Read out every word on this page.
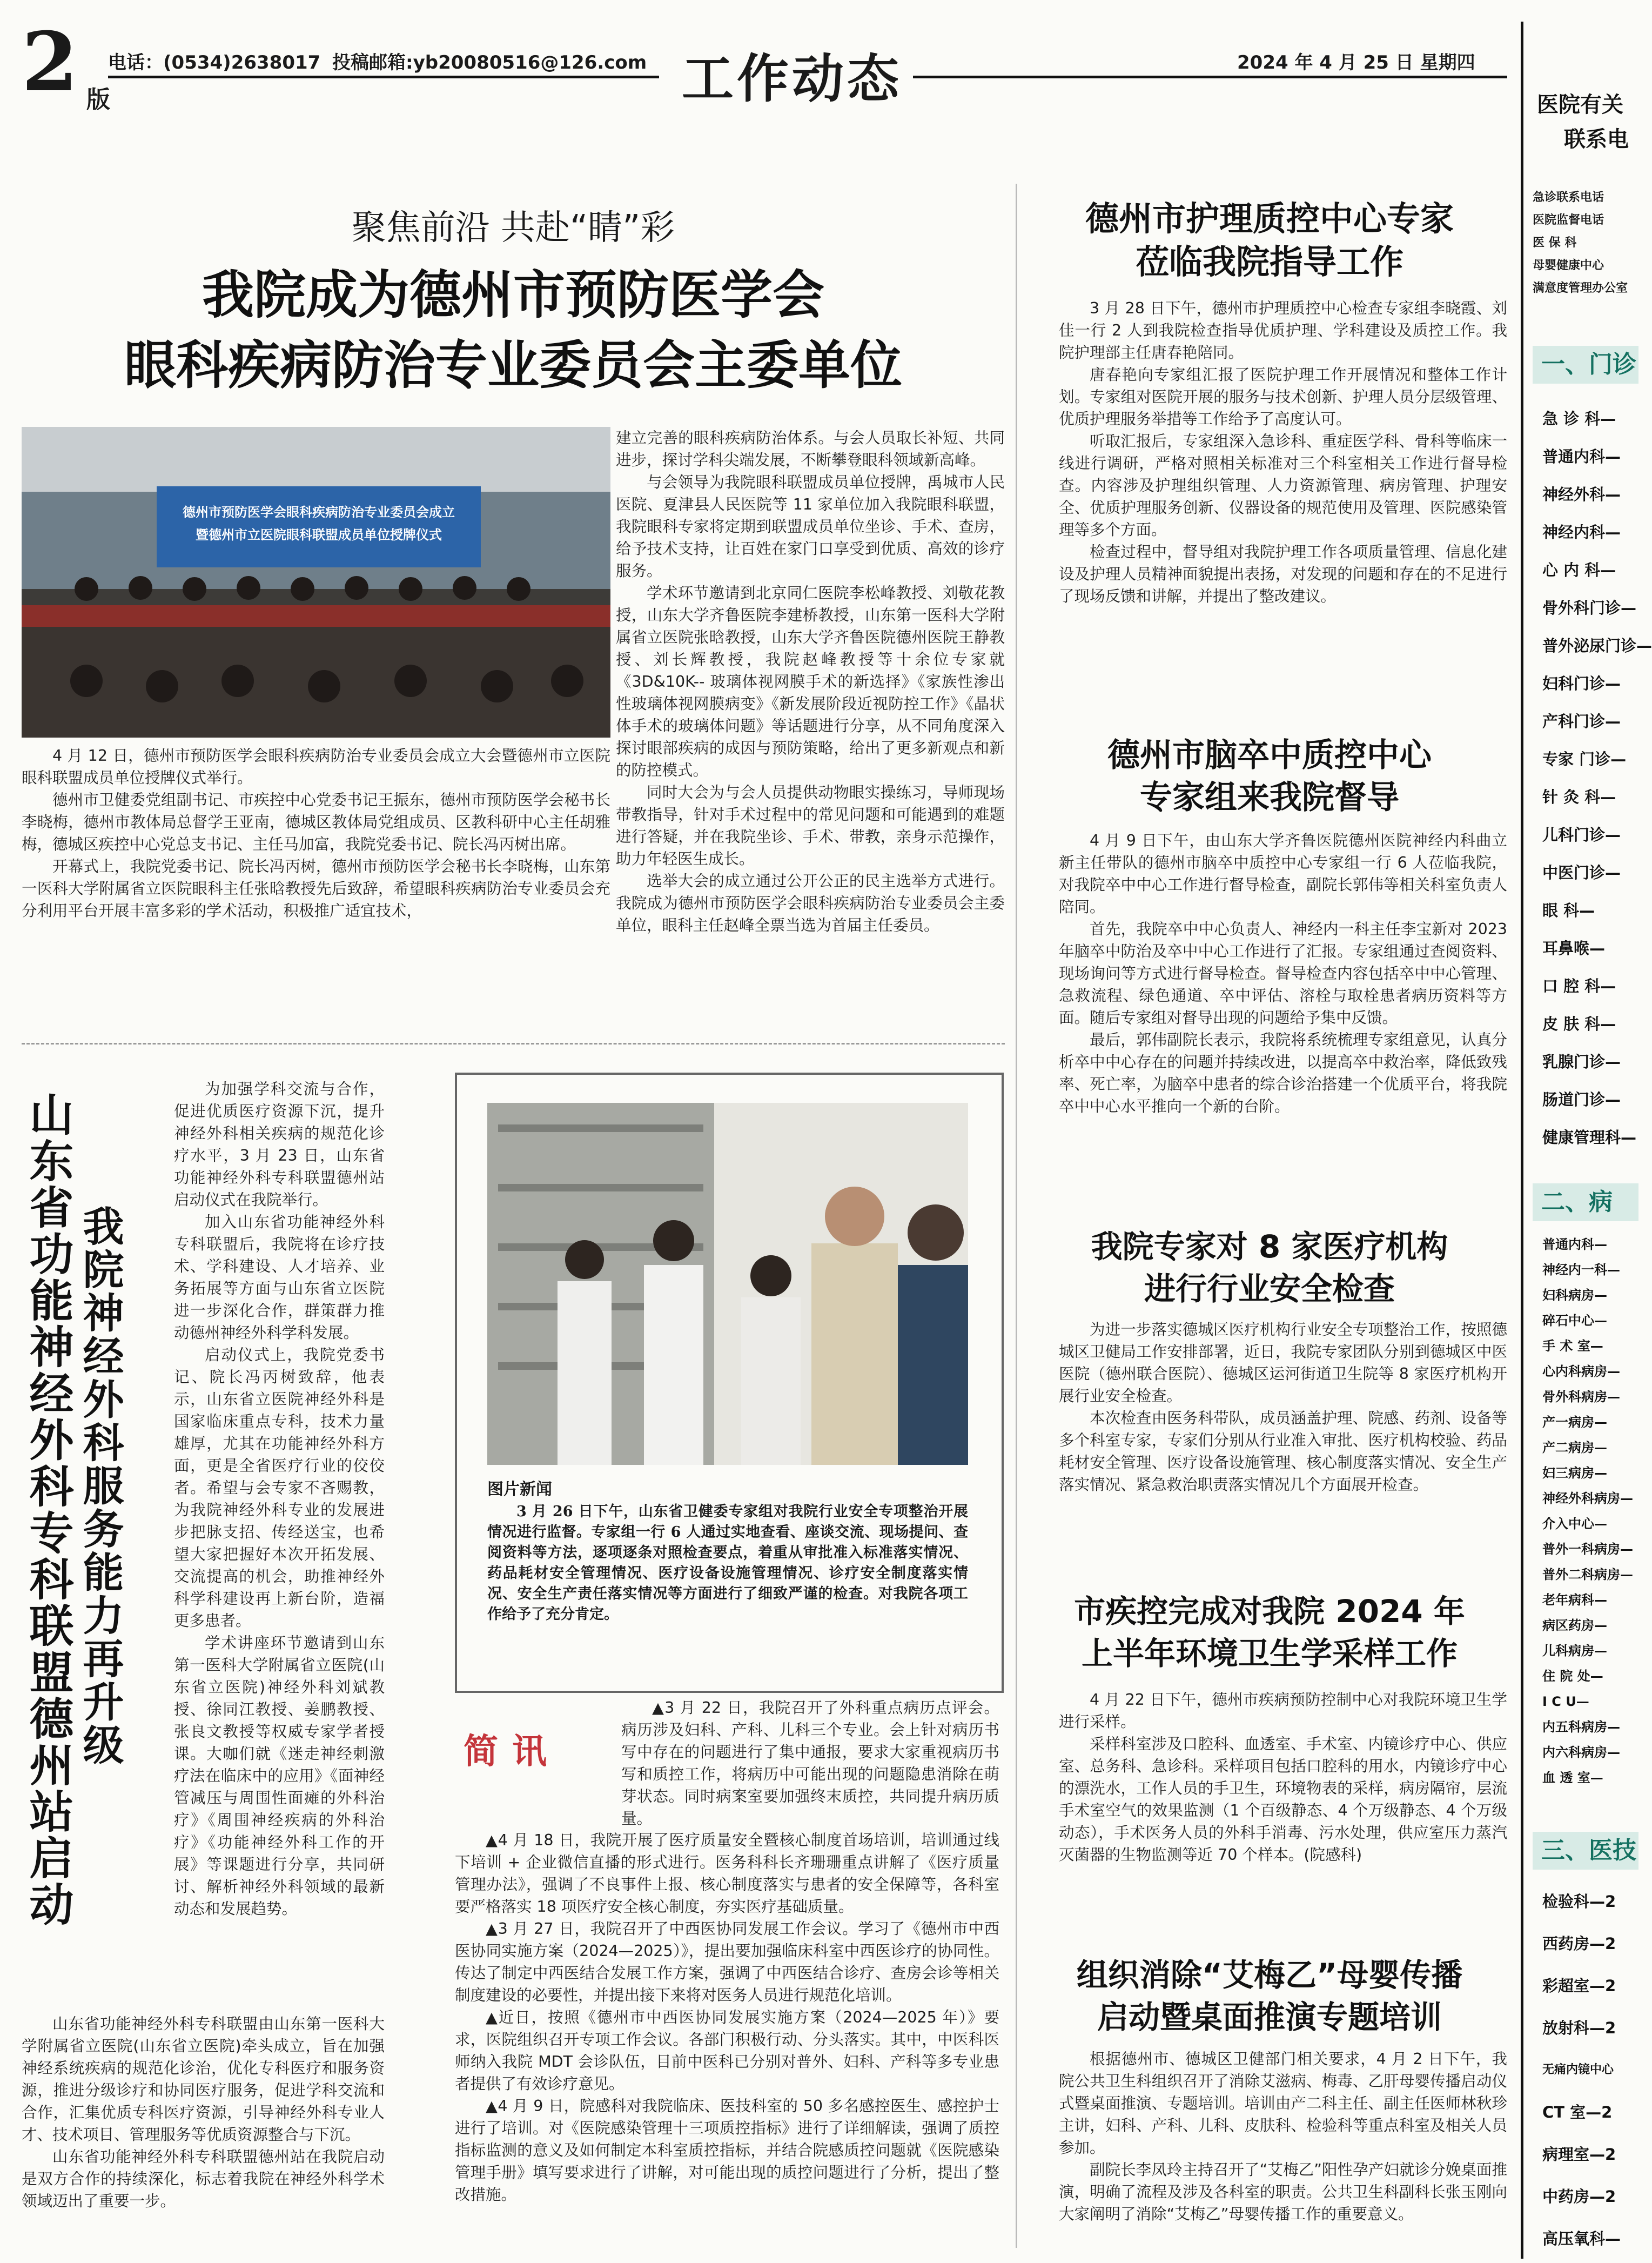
2 版
电话：(0534)2638017 投稿邮箱:yb20080516@126.com 工作动态	2024 年 4 月 25 日 星期四
聚焦前沿 共赴“睛”彩
我院成为德州市预防医学会
眼科疾病防治专业委员会主委单位
德州市预防医学会眼科疾病防治专业委员会成立
暨德州市立医院眼科联盟成员单位授牌仪式

4 月 12 日，德州市预防医学会眼科疾病防治专业委员会成立大会暨德州市立医院眼科联盟成员单位授牌仪式举行。

德州市卫健委党组副书记、市疾控中心党委书记王振东，德州市预防医学会秘书长李晓梅，德州市教体局总督学王亚南，德城区教体局党组成员、区教科研中心主任胡雅梅，德城区疾控中心党总支书记、主任马加富，我院党委书记、院长冯丙树出席。

开幕式上，我院党委书记、院长冯丙树，德州市预防医学会秘书长李晓梅，山东第一医科大学附属省立医院眼科主任张晗教授先后致辞，希望眼科疾病防治专业委员会充分利用平台开展丰富多彩的学术活动，积极推广适宜技术，

建立完善的眼科疾病防治体系。与会人员取长补短、共同进步，探讨学科尖端发展，不断攀登眼科领域新高峰。

与会领导为我院眼科联盟成员单位授牌，禹城市人民医院、夏津县人民医院等 11 家单位加入我院眼科联盟，我院眼科专家将定期到联盟成员单位坐诊、手术、查房，给予技术支持，让百姓在家门口享受到优质、高效的诊疗服务。

学术环节邀请到北京同仁医院李松峰教授、刘敬花教授，山东大学齐鲁医院李建桥教授，山东第一医科大学附属省立医院张晗教授，山东大学齐鲁医院德州医院王静教授、刘长辉教授，我院赵峰教授等十余位专家就《3D&10K-- 玻璃体视网膜手术的新选择》《家族性渗出性玻璃体视网膜病变》《新发展阶段近视防控工作》《晶状体手术的玻璃体问题》等话题进行分享，从不同角度深入探讨眼部疾病的成因与预防策略，给出了更多新观点和新的防控模式。

同时大会为与会人员提供动物眼实操练习，导师现场带教指导，针对手术过程中的常见问题和可能遇到的难题进行答疑，并在我院坐诊、手术、带教，亲身示范操作，助力年轻医生成长。

选举大会的成立通过公开公正的民主选举方式进行。我院成为德州市预防医学会眼科疾病防治专业委员会主委单位，眼科主任赵峰全票当选为首届主任委员。

山东省功能神经外科专科联盟德州站启动 我院神经外科服务能力再升级

为加强学科交流与合作，促进优质医疗资源下沉，提升神经外科相关疾病的规范化诊疗水平，3 月 23 日，山东省功能神经外科专科联盟德州站启动仪式在我院举行。

加入山东省功能神经外科专科联盟后，我院将在诊疗技术、学科建设、人才培养、业务拓展等方面与山东省立医院进一步深化合作，群策群力推动德州神经外科学科发展。

启动仪式上，我院党委书记、院长冯丙树致辞，他表示，山东省立医院神经外科是国家临床重点专科，技术力量雄厚，尤其在功能神经外科方面，更是全省医疗行业的佼佼者。希望与会专家不吝赐教，为我院神经外科专业的发展进步把脉支招、传经送宝，也希望大家把握好本次开拓发展、交流提高的机会，助推神经外科学科建设再上新台阶，造福更多患者。

学术讲座环节邀请到山东第一医科大学附属省立医院(山东省立医院)神经外科刘斌教授、徐同江教授、姜鹏教授、张良文教授等权威专家学者授课。大咖们就《迷走神经刺激疗法在临床中的应用》《面神经管减压与周围性面瘫的外科治疗》《周围神经疾病的外科治疗》《功能神经外科工作的开展》等课题进行分享，共同研讨、解析神经外科领域的最新动态和发展趋势。

山东省功能神经外科专科联盟由山东第一医科大学附属省立医院(山东省立医院)牵头成立，旨在加强神经系统疾病的规范化诊治，优化专科医疗和服务资源，推进分级诊疗和协同医疗服务，促进学科交流和合作，汇集优质专科医疗资源，引导神经外科专业人才、技术项目、管理服务等优质资源整合与下沉。

山东省功能神经外科专科联盟德州站在我院启动是双方合作的持续深化，标志着我院在神经外科学术领域迈出了重要一步。

图片新闻
3 月 26 日下午，山东省卫健委专家组对我院行业安全专项整治开展情况进行监督。专家组一行 6 人通过实地查看、座谈交流、现场提问、查阅资料等方法，逐项逐条对照检查要点，着重从审批准入标准落实情况、药品耗材安全管理情况、医疗设备设施管理情况、诊疗安全制度落实情况、安全生产责任落实情况等方面进行了细致严谨的检查。对我院各项工作给予了充分肯定。
简讯
▲3 月 22 日，我院召开了外科重点病历点评会。病历涉及妇科、产科、儿科三个专业。会上针对病历书写中存在的问题进行了集中通报，要求大家重视病历书写和质控工作，将病历中可能出现的问题隐患消除在萌芽状态。同时病案室要加强终末质控，共同提升病历质量。

▲4 月 18 日，我院开展了医疗质量安全暨核心制度首场培训，培训通过线下培训 + 企业微信直播的形式进行。医务科科长齐珊珊重点讲解了《医疗质量管理办法》，强调了不良事件上报、核心制度落实与患者的安全保障等，各科室要严格落实 18 项医疗安全核心制度，夯实医疗基础质量。

▲3 月 27 日，我院召开了中西医协同发展工作会议。学习了《德州市中西医协同实施方案（2024—2025）》，提出要加强临床科室中西医诊疗的协同性。传达了制定中西医结合发展工作方案，强调了中西医结合诊疗、查房会诊等相关制度建设的必要性，并提出接下来将对医务人员进行规范化培训。

▲近日，按照《德州市中西医协同发展实施方案（2024—2025 年）》要求，医院组织召开专项工作会议。各部门积极行动、分头落实。其中，中医科医师纳入我院 MDT 会诊队伍，目前中医科已分别对普外、妇科、产科等多专业患者提供了有效诊疗意见。

▲4 月 9 日，院感科对我院临床、医技科室的 50 多名感控医生、感控护士进行了培训。对《医院感染管理十三项质控指标》进行了详细解读，强调了质控指标监测的意义及如何制定本科室质控指标，并结合院感质控问题就《医院感染管理手册》填写要求进行了讲解，对可能出现的质控问题进行了分析，提出了整改措施。

德州市护理质控中心专家
莅临我院指导工作

3 月 28 日下午，德州市护理质控中心检查专家组李晓霞、刘佳一行 2 人到我院检查指导优质护理、学科建设及质控工作。我院护理部主任唐春艳陪同。

唐春艳向专家组汇报了医院护理工作开展情况和整体工作计划。专家组对医院开展的服务与技术创新、护理人员分层级管理、优质护理服务举措等工作给予了高度认可。

听取汇报后，专家组深入急诊科、重症医学科、骨科等临床一线进行调研，严格对照相关标准对三个科室相关工作进行督导检查。内容涉及护理组织管理、人力资源管理、病房管理、护理安全、优质护理服务创新、仪器设备的规范使用及管理、医院感染管理等多个方面。

检查过程中，督导组对我院护理工作各项质量管理、信息化建设及护理人员精神面貌提出表扬，对发现的问题和存在的不足进行了现场反馈和讲解，并提出了整改建议。

德州市脑卒中质控中心
专家组来我院督导

4 月 9 日下午，由山东大学齐鲁医院德州医院神经内科曲立新主任带队的德州市脑卒中质控中心专家组一行 6 人莅临我院，对我院卒中中心工作进行督导检查，副院长郭伟等相关科室负责人陪同。

首先，我院卒中中心负责人、神经内一科主任李宝新对 2023 年脑卒中防治及卒中中心工作进行了汇报。专家组通过查阅资料、现场询问等方式进行督导检查。督导检查内容包括卒中中心管理、急救流程、绿色通道、卒中评估、溶栓与取栓患者病历资料等方面。随后专家组对督导出现的问题给予集中反馈。

最后，郭伟副院长表示，我院将系统梳理专家组意见，认真分析卒中中心存在的问题并持续改进，以提高卒中救治率，降低致残率、死亡率，为脑卒中患者的综合诊治搭建一个优质平台，将我院卒中中心水平推向一个新的台阶。

我院专家对 8 家医疗机构
进行行业安全检查

为进一步落实德城区医疗机构行业安全专项整治工作，按照德城区卫健局工作安排部署，近日，我院专家团队分别到德城区中医医院（德州联合医院）、德城区运河街道卫生院等 8 家医疗机构开展行业安全检查。

本次检查由医务科带队，成员涵盖护理、院感、药剂、设备等多个科室专家，专家们分别从行业准入审批、医疗机构校验、药品耗材安全管理、医疗设备设施管理、核心制度落实情况、安全生产落实情况、紧急救治职责落实情况几个方面展开检查。

市疾控完成对我院 2024 年
上半年环境卫生学采样工作

4 月 22 日下午，德州市疾病预防控制中心对我院环境卫生学进行采样。

采样科室涉及口腔科、血透室、手术室、内镜诊疗中心、供应室、总务科、急诊科。采样项目包括口腔科的用水，内镜诊疗中心的漂洗水，工作人员的手卫生，环境物表的采样，病房隔帘，层流手术室空气的效果监测（1 个百级静态、4 个万级静态、4 个万级动态），手术医务人员的外科手消毒、污水处理，供应室压力蒸汽灭菌器的生物监测等近 70 个样本。(院感科)

组织消除“艾梅乙”母婴传播
启动暨桌面推演专题培训

根据德州市、德城区卫健部门相关要求，4 月 2 日下午，我院公共卫生科组织召开了消除艾滋病、梅毒、乙肝母婴传播启动仪式暨桌面推演、专题培训。培训由产二科主任、副主任医师林秋珍主讲，妇科、产科、儿科、皮肤科、检验科等重点科室及相关人员参加。

副院长李凤玲主持召开了“艾梅乙”阳性孕产妇就诊分娩桌面推演，明确了流程及涉及各科室的职责。公共卫生科副科长张玉刚向大家阐明了消除“艾梅乙”母婴传播工作的重要意义。

医院有关
联系电
急诊联系电话
医院监督电话
医 保 科
母婴健康中心
满意度管理办公室
一、门诊
急 诊 科—
普通内科—
神经外科—
神经内科—
心 内 科—
骨外科门诊—
普外泌尿门诊—
妇科门诊—
产科门诊—
专家 门诊—
针 灸 科—
儿科门诊—
中医门诊—
眼 科—
耳鼻喉—
口 腔 科—
皮 肤 科—
乳腺门诊—
肠道门诊—
健康管理科—
二、病
普通内科—
神经内一科—
妇科病房—
碎石中心—
手 术 室—
心内科病房—
骨外科病房—
产一病房—
产二病房—
妇三病房—
神经外科病房—
介入中心—
普外一科病房—
普外二科病房—
老年病科—
病区药房—
儿科病房—
住 院 处—
I C U—
内五科病房—
内六科病房—
血 透 室—
三、医技
检验科—2
西药房—2
彩超室—2
放射科—2
无痛内镜中心
CT 室—2
病理室—2
中药房—2
高压氧科—
